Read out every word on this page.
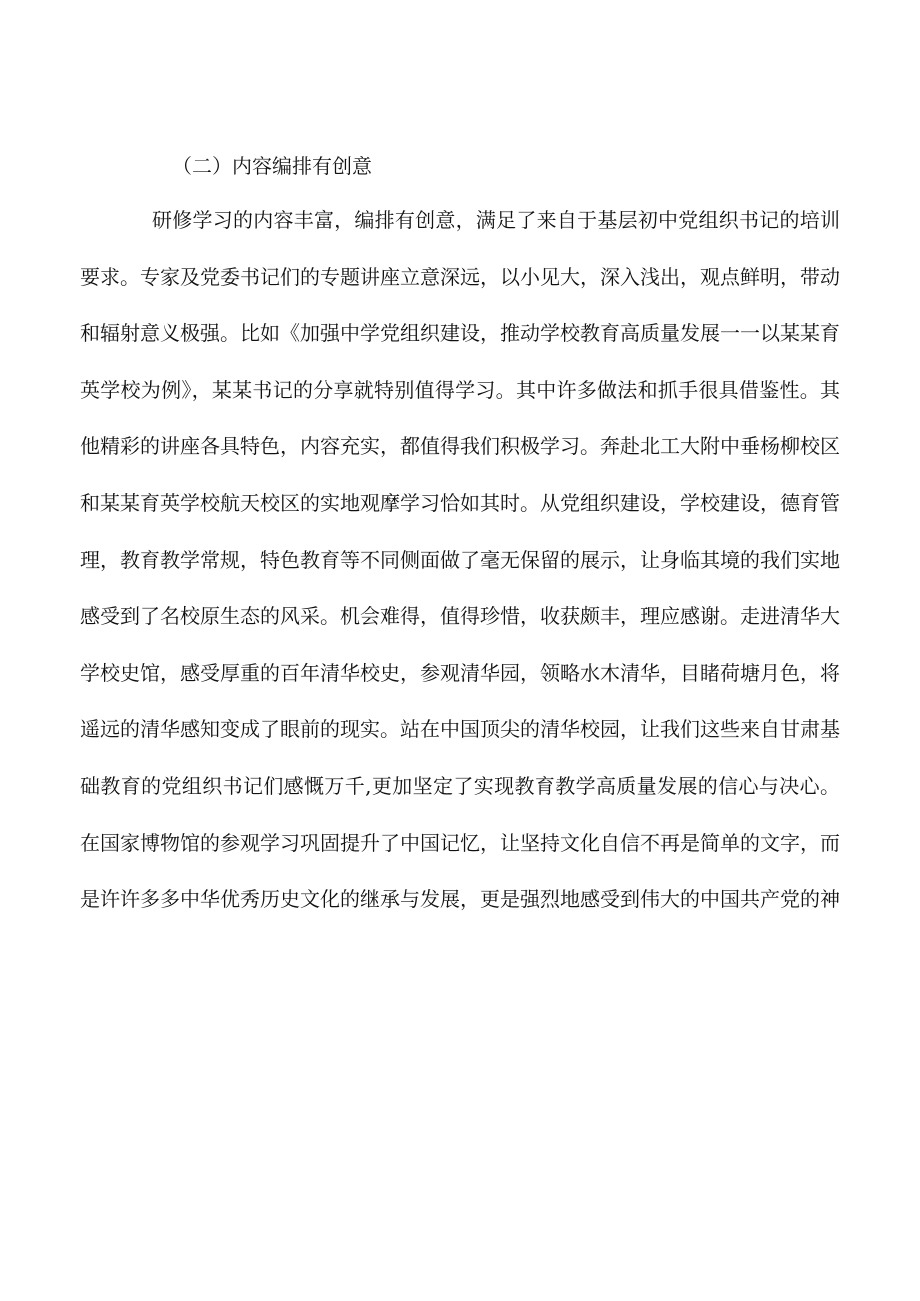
（二）内容编排有创意
研修学习的内容丰富，编排有创意，满足了来自于基层初中党组织书记的培训
要求。专家及党委书记们的专题讲座立意深远，以小见大，深入浅出，观点鲜明，带动
和辐射意义极强。比如《加强中学党组织建设，推动学校教育高质量发展一一以某某育
英学校为例》，某某书记的分享就特别值得学习。其中许多做法和抓手很具借鉴性。其
他精彩的讲座各具特色，内容充实，都值得我们积极学习。奔赴北工大附中垂杨柳校区
和某某育英学校航天校区的实地观摩学习恰如其时。从党组织建设，学校建设，德育管
理，教育教学常规，特色教育等不同侧面做了毫无保留的展示，让身临其境的我们实地
感受到了名校原生态的风采。机会难得，值得珍惜，收获颇丰，理应感谢。走进清华大
学校史馆，感受厚重的百年清华校史，参观清华园，领略水木清华，目睹荷塘月色，将
遥远的清华感知变成了眼前的现实。站在中国顶尖的清华校园，让我们这些来自甘肃基
础教育的党组织书记们感慨万千,更加坚定了实现教育教学高质量发展的信心与决心。
在国家博物馆的参观学习巩固提升了中国记忆，让坚持文化自信不再是简单的文字，而
是许许多多中华优秀历史文化的继承与发展，更是强烈地感受到伟大的中国共产党的神
